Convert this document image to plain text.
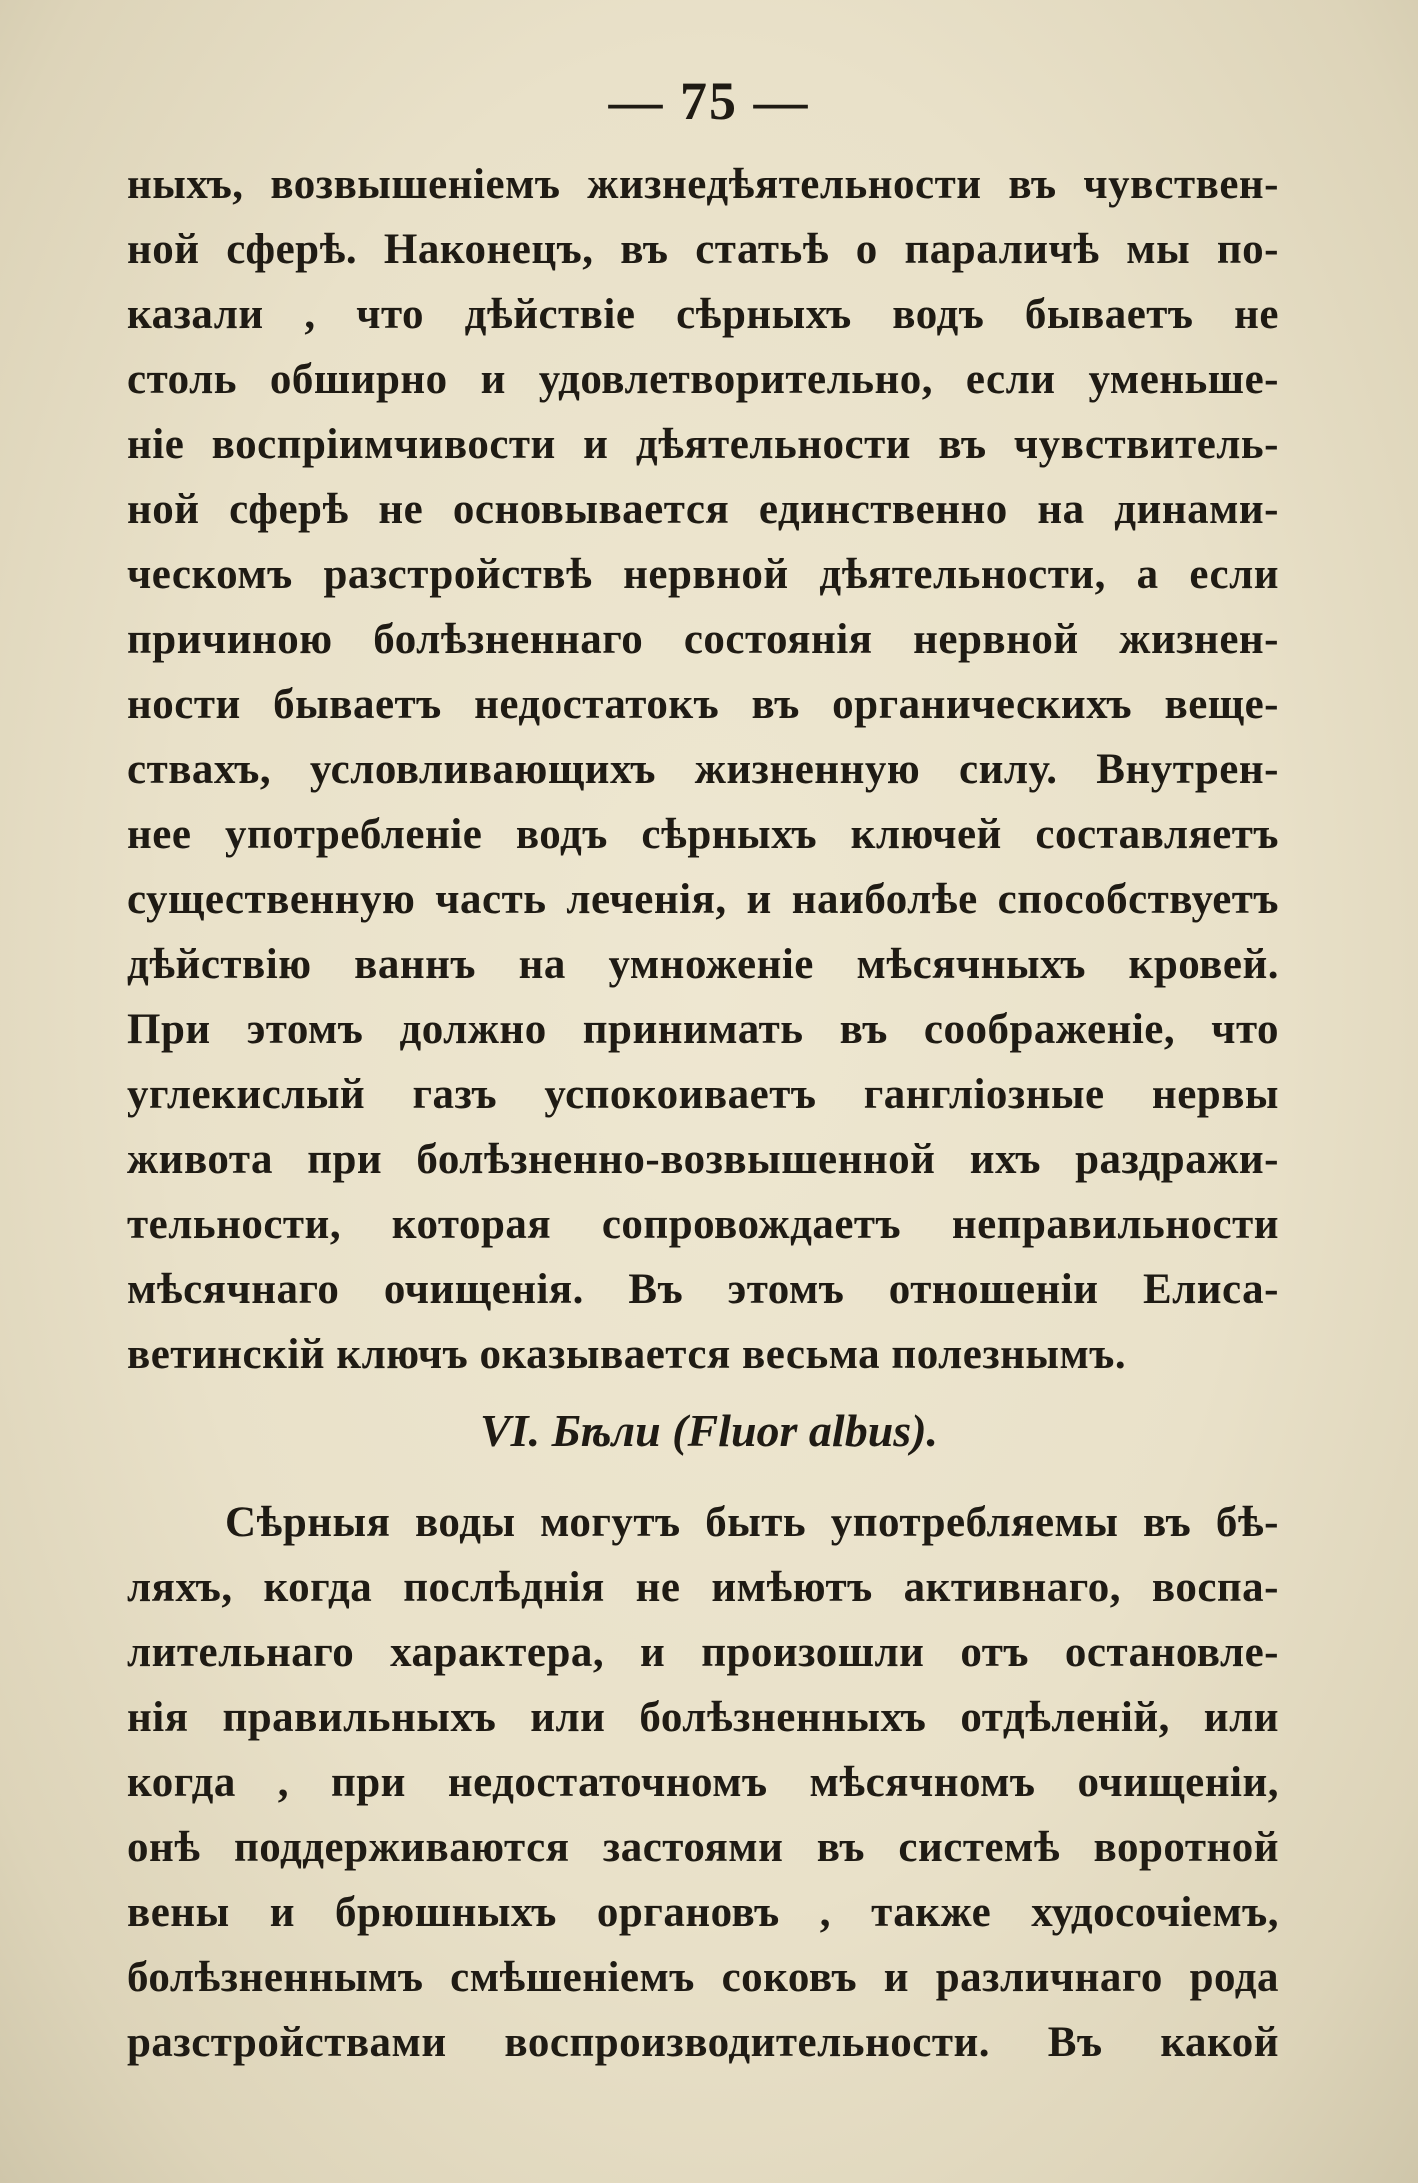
— 75 —
ныхъ, возвышеніемъ жизнедѣятельности въ чувствен-
ной сферѣ. Наконецъ, въ статьѣ о параличѣ мы по-
казали , что дѣйствіе сѣрныхъ водъ бываетъ не
столь обширно и удовлетворительно, если уменьше-
ніе воспріимчивости и дѣятельности въ чувствитель-
ной сферѣ не основывается единственно на динами-
ческомъ разстройствѣ нервной дѣятельности, а если
причиною болѣзненнаго состоянія нервной жизнен-
ности бываетъ недостатокъ въ органическихъ веще-
ствахъ, условливающихъ жизненную силу. Внутрен-
нее употребленіе водъ сѣрныхъ ключей составляетъ
существенную часть леченія, и наиболѣе способствуетъ
дѣйствію ваннъ на умноженіе мѣсячныхъ кровей.
При этомъ должно принимать въ соображеніе, что
углекислый газъ успокоиваетъ гангліозные нервы
живота при болѣзненно-возвышенной ихъ раздражи-
тельности, которая сопровождаетъ неправильности
мѣсячнаго очищенія. Въ этомъ отношеніи Елиса-
ветинскій ключъ оказывается весьма полезнымъ.
VI. Бѣли (Fluor albus).
Сѣрныя воды могутъ быть употребляемы въ бѣ-
ляхъ, когда послѣднія не имѣютъ активнаго, воспа-
лительнаго характера, и произошли отъ остановле-
нія правильныхъ или болѣзненныхъ отдѣленій, или
когда , при недостаточномъ мѣсячномъ очищеніи,
онѣ поддерживаются застоями въ системѣ воротной
вены и брюшныхъ органовъ , также худосочіемъ,
болѣзненнымъ смѣшеніемъ соковъ и различнаго рода
разстройствами воспроизводительности. Въ какой
